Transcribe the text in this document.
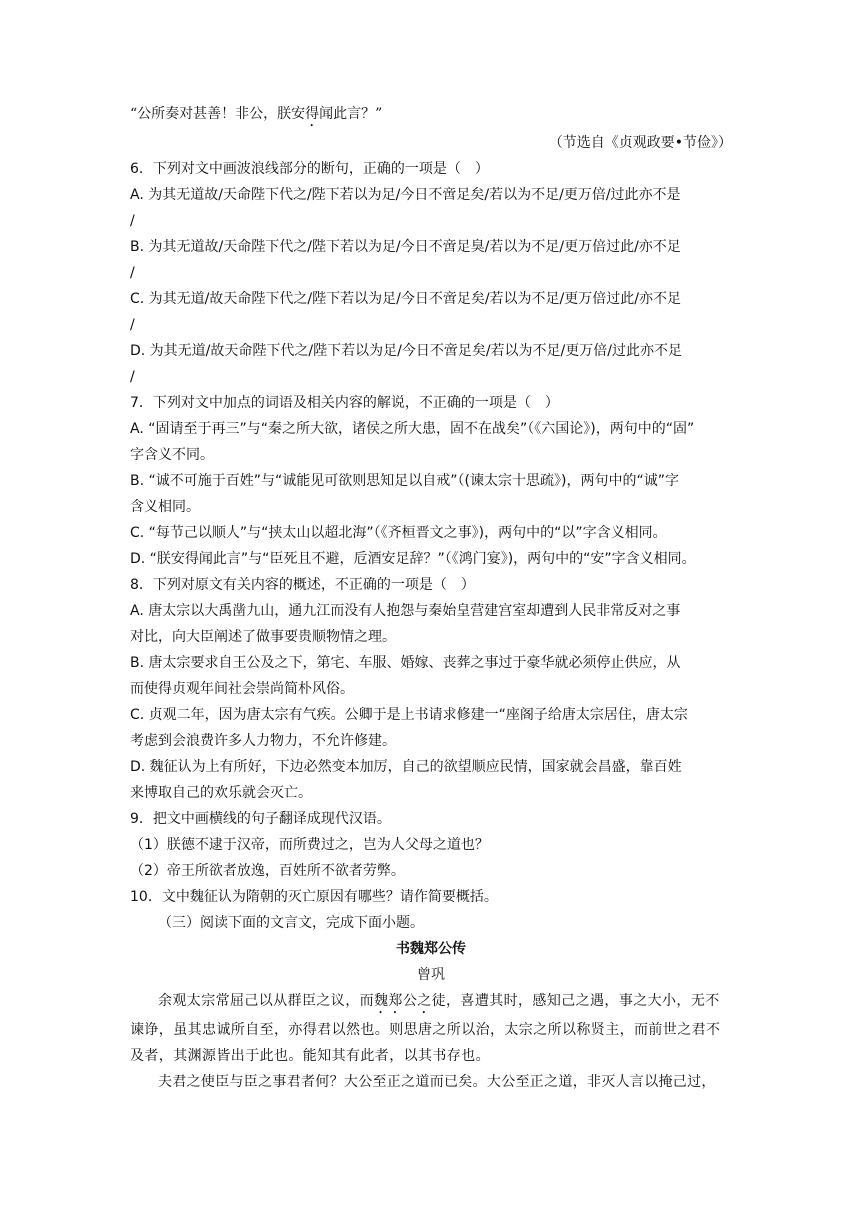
“公所奏对甚善！非公，朕安得闻此言？”

（节选自《贞观政要•节俭》）

6．下列对文中画波浪线部分的断句，正确的一项是（　）

A. 为其无道故/天命陛下代之/陛下若以为足/今日不啻足矣/若以为不足/更万倍/过此亦不是

/

B. 为其无道故/天命陛下代之/陛下若以为足/今日不啻足臭/若以为不足/更万倍过此/亦不足

/

C. 为其无道/故天命陛下代之/陛下若以为足/今日不啻足矣/若以为不足/更万倍过此/亦不足

/

D. 为其无道/故天命陛下代之/陛下若以为足/今日不啻足矣/若以为不足/更万倍/过此亦不足

/

7．下列对文中加点的词语及相关内容的解说，不正确的一项是（　）

A. “固请至于再三”与“秦之所大欲，诸侯之所大患，固不在战矣”（《六国论》)，两句中的“固”

字含义不同。

B. “诚不可施于百姓”与“诚能见可欲则思知足以自戒”（(谏太宗十思疏》)，两句中的“诚”字

含义相同。

C. “每节己以顺人”与“挟太山以超北海”（《齐桓晋文之事》)，两句中的“以”字含义相同。

D. “朕安得闻此言”与“臣死且不避，卮酒安足辞？”（《鸿门宴》)，两句中的“安”字含义相同。

8．下列对原文有关内容的概述，不正确的一项是（　）

A. 唐太宗以大禹凿九山，通九江而没有人抱怨与秦始皇营建宫室却遭到人民非常反对之事

对比，向大臣阐述了做事要贵顺物情之理。

B. 唐太宗要求自王公及之下，第宅、车服、婚嫁、丧葬之事过于豪华就必须停止供应，从

而使得贞观年间社会崇尚简朴风俗。

C. 贞观二年，因为唐太宗有气疾。公卿于是上书请求修建一“座阁子给唐太宗居住，唐太宗

考虑到会浪费许多人力物力，不允许修建。

D. 魏征认为上有所好，下边必然变本加厉，自己的欲望顺应民情，国家就会昌盛，靠百姓

来博取自己的欢乐就会灭亡。

9．把文中画横线的句子翻译成现代汉语。

（1）朕德不逮于汉帝，而所费过之，岂为人父母之道也？

（2）帝王所欲者放逸，百姓所不欲者劳弊。

10．文中魏征认为隋朝的灭亡原因有哪些？请作简要概括。

（三）阅读下面的文言文，完成下面小题。

书魏郑公传

曾巩

余观太宗常屈己以从群臣之议，而魏郑公之徒，喜遭其时，感知己之遇，事之大小，无不谏诤，虽其忠诚所自至，亦得君以然也。则思唐之所以治，太宗之所以称贤主，而前世之君不及者，其渊源皆出于此也。能知其有此者，以其书存也。

夫君之使臣与臣之事君者何？大公至正之道而已矣。大公至正之道，非灭人言以掩己过，
